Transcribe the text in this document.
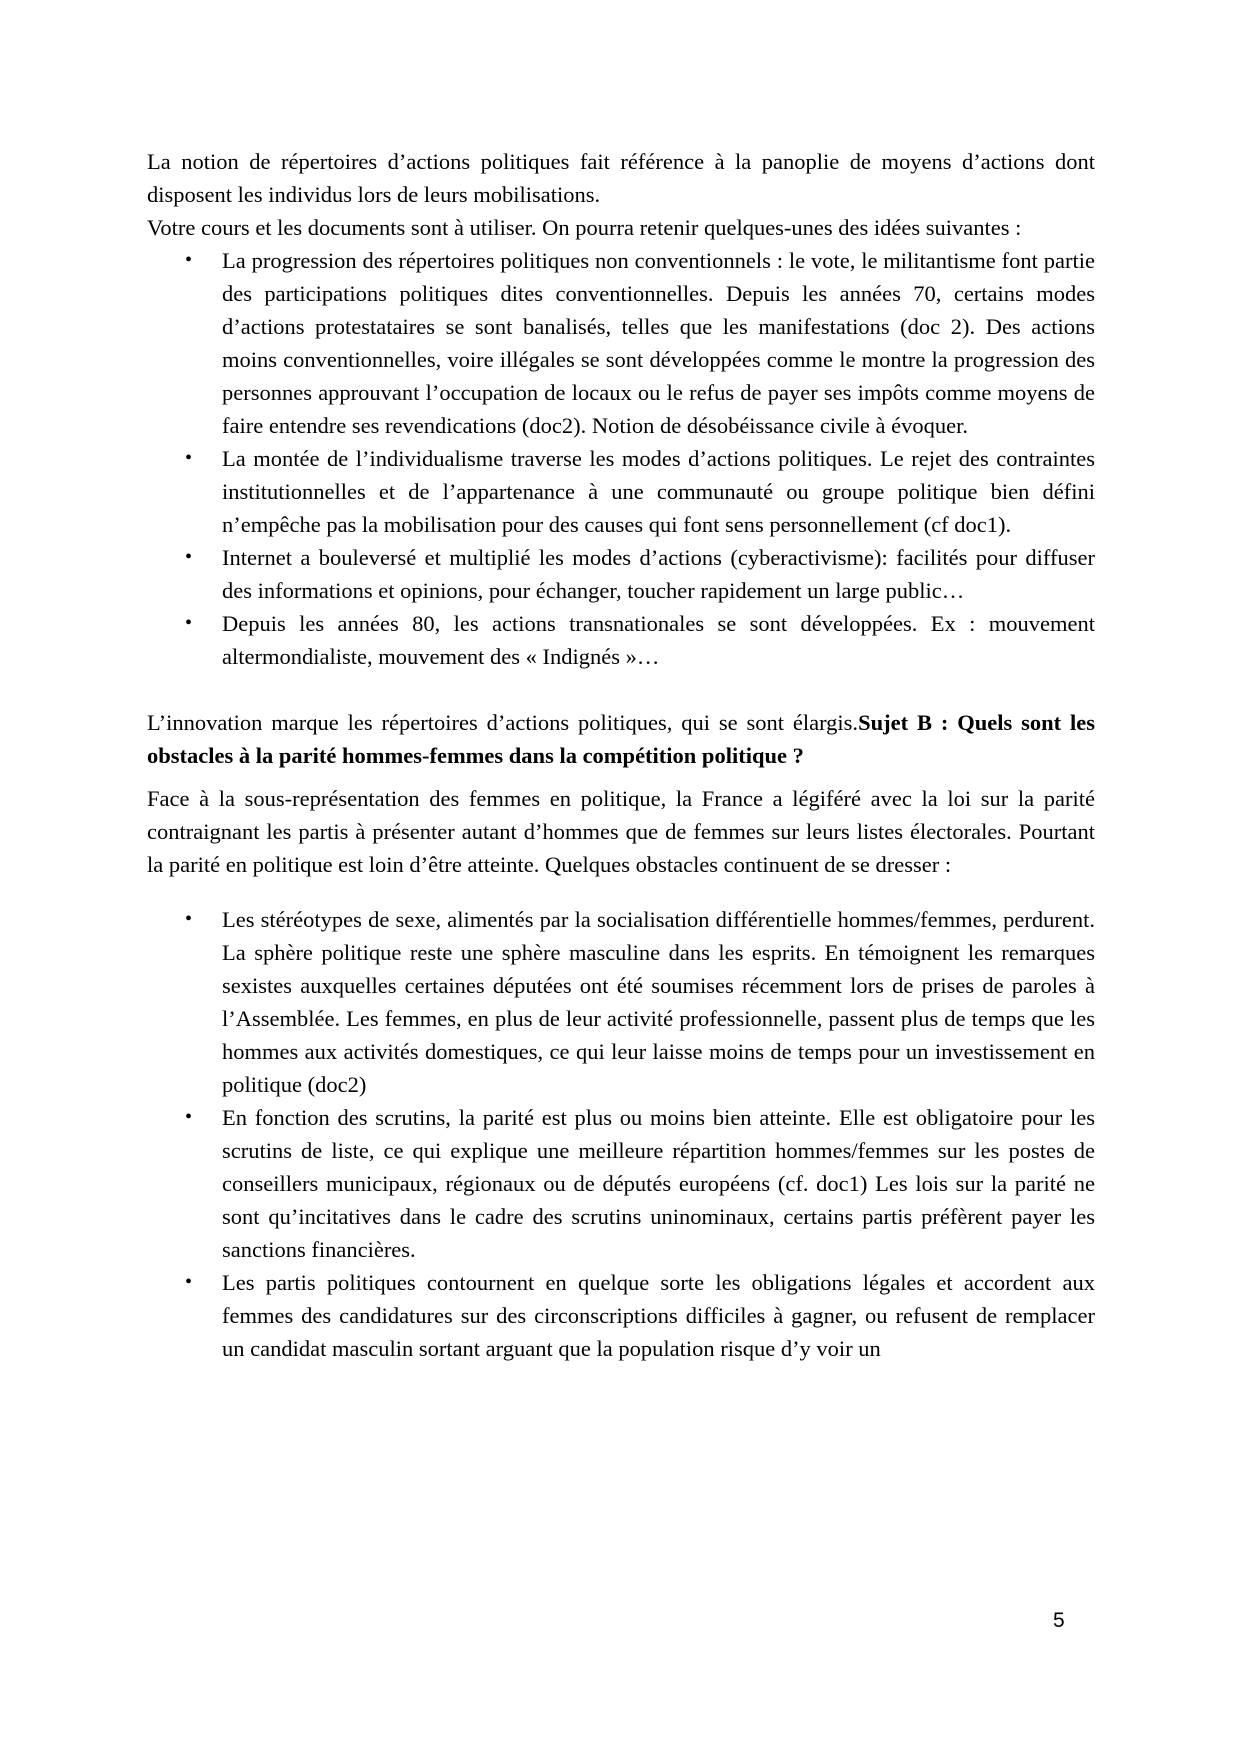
La notion de répertoires d’actions politiques fait référence à la panoplie de moyens d’actions dont disposent les individus lors de leurs mobilisations.

Votre cours et les documents sont à utiliser. On pourra retenir quelques-unes des idées suivantes :

• La progression des répertoires politiques non conventionnels : le vote, le militantisme font partie des participations politiques dites conventionnelles. Depuis les années 70, certains modes d’actions protestataires se sont banalisés, telles que les manifestations (doc 2). Des actions moins conventionnelles, voire illégales se sont développées comme le montre la progression des personnes approuvant l’occupation de locaux ou le refus de payer ses impôts comme moyens de faire entendre ses revendications (doc2). Notion de désobéissance civile à évoquer.
• La montée de l’individualisme traverse les modes d’actions politiques. Le rejet des contraintes institutionnelles et de l’appartenance à une communauté ou groupe politique bien défini n’empêche pas la mobilisation pour des causes qui font sens personnellement (cf doc1).
• Internet a bouleversé et multiplié les modes d’actions (cyberactivisme): facilités pour diffuser des informations et opinions, pour échanger, toucher rapidement un large public…
• Depuis les années 80, les actions transnationales se sont développées. Ex : mouvement altermondialiste, mouvement des « Indignés »…

L’innovation marque les répertoires d’actions politiques, qui se sont élargis.Sujet B : Quels sont les obstacles à la parité hommes-femmes dans la compétition politique ?

Face à la sous-représentation des femmes en politique, la France a légiféré avec la loi sur la parité contraignant les partis à présenter autant d’hommes que de femmes sur leurs listes électorales. Pourtant la parité en politique est loin d’être atteinte. Quelques obstacles continuent de se dresser :

• Les stéréotypes de sexe, alimentés par la socialisation différentielle hommes/femmes, perdurent. La sphère politique reste une sphère masculine dans les esprits. En témoignent les remarques sexistes auxquelles certaines députées ont été soumises récemment lors de prises de paroles à l’Assemblée. Les femmes, en plus de leur activité professionnelle, passent plus de temps que les hommes aux activités domestiques, ce qui leur laisse moins de temps pour un investissement en politique (doc2)
• En fonction des scrutins, la parité est plus ou moins bien atteinte. Elle est obligatoire pour les scrutins de liste, ce qui explique une meilleure répartition hommes/femmes sur les postes de conseillers municipaux, régionaux ou de députés européens (cf. doc1) Les lois sur la parité ne sont qu’incitatives dans le cadre des scrutins uninominaux, certains partis préfèrent payer les sanctions financières.
• Les partis politiques contournent en quelque sorte les obligations légales et accordent aux femmes des candidatures sur des circonscriptions difficiles à gagner, ou refusent de remplacer un candidat masculin sortant arguant que la population risque d’y voir un
5
